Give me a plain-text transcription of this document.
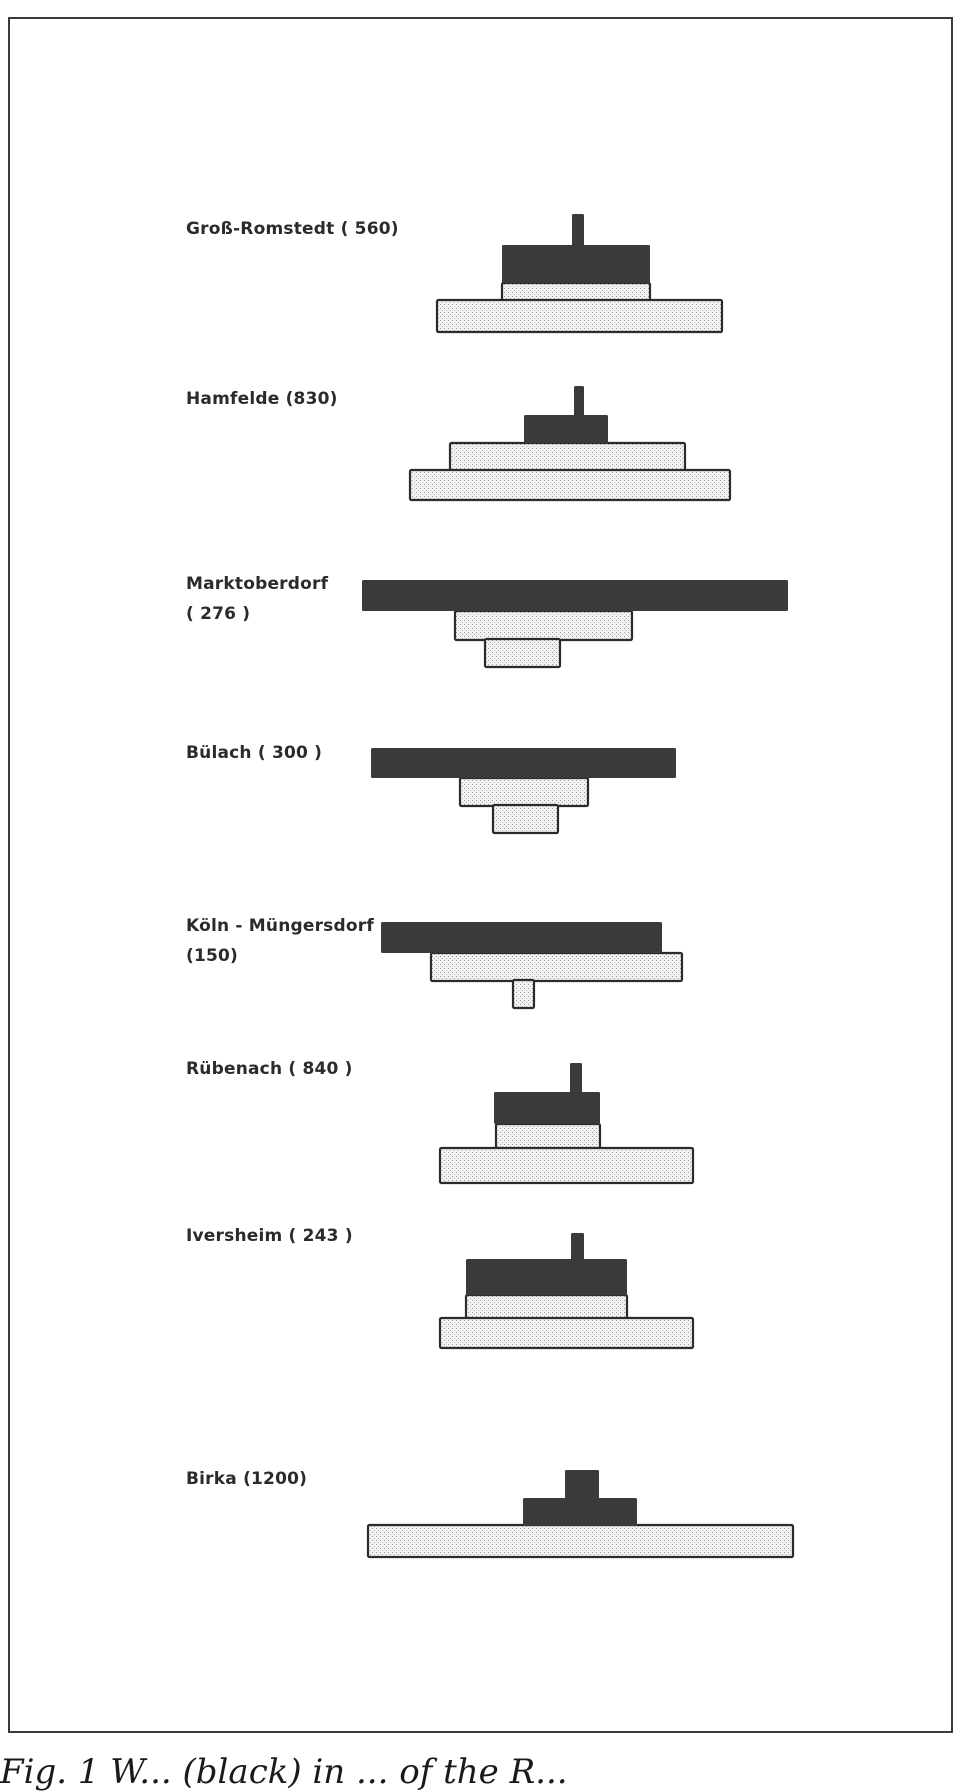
Groß-Romstedt ( 560)
Hamfelde (830)
Marktoberdorf
( 276 )
Bülach ( 300 )
Köln - Müngersdorf
(150)
Rübenach ( 840 )
Iversheim ( 243 )
Birka (1200)
Fig. 1 W... (black) in ... of the R...
